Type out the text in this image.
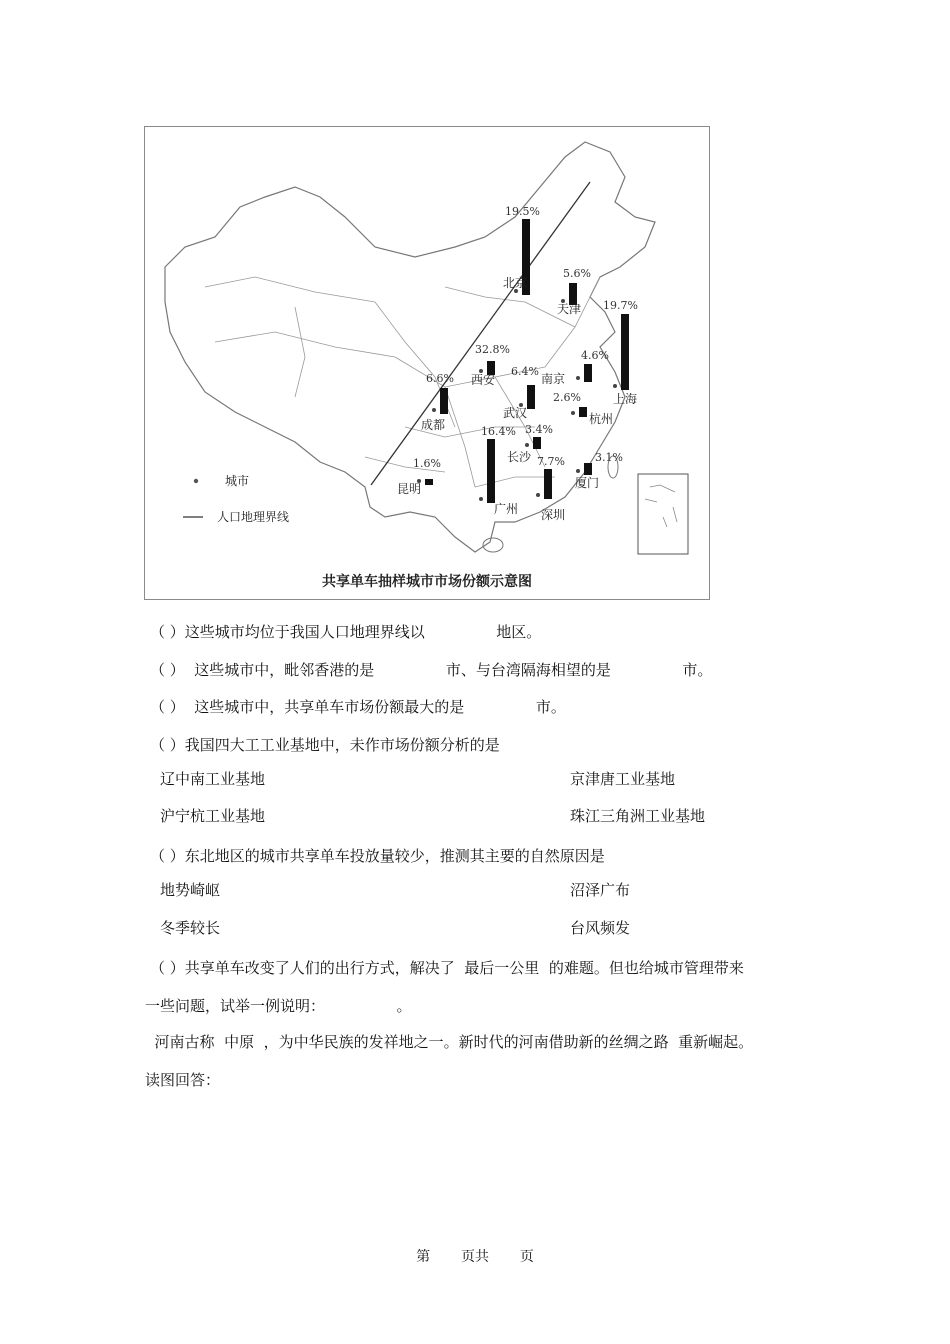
19.5%
5.6%
19.7%
32.8%	4.6%
6.4%
2.6%
6.6%
3.4%
16.4%
7.7%	3.1%
1.6%
北京
天津
上海
西安	南京
武汉	杭州
成都
长沙
广州 深圳
厦门
昆明
城市
人口地理界线
共享单车抽样城市市场份额示意图
（ ）这些城市均位于我国人口地理界线以               地区。
（ ）  这些城市中，毗邻香港的是               市、与台湾隔海相望的是               市。
（ ）  这些城市中，共享单车市场份额最大的是               市。
（ ）我国四大工工业基地中，未作市场份额分析的是
辽中南工业基地	京津唐工业基地
沪宁杭工业基地	珠江三角洲工业基地
（ ）东北地区的城市共享单车投放量较少，推测其主要的自然原因是
地势崎岖	沼泽广布
冬季较长	台风频发
（ ）共享单车改变了人们的出行方式，解决了  最后一公里  的难题。但也给城市管理带来
一些问题，试举一例说明：               。
河南古称  中原  ，为中华民族的发祥地之一。新时代的河南借助新的丝绸之路  重新崛起。
读图回答：
第 页共 页
